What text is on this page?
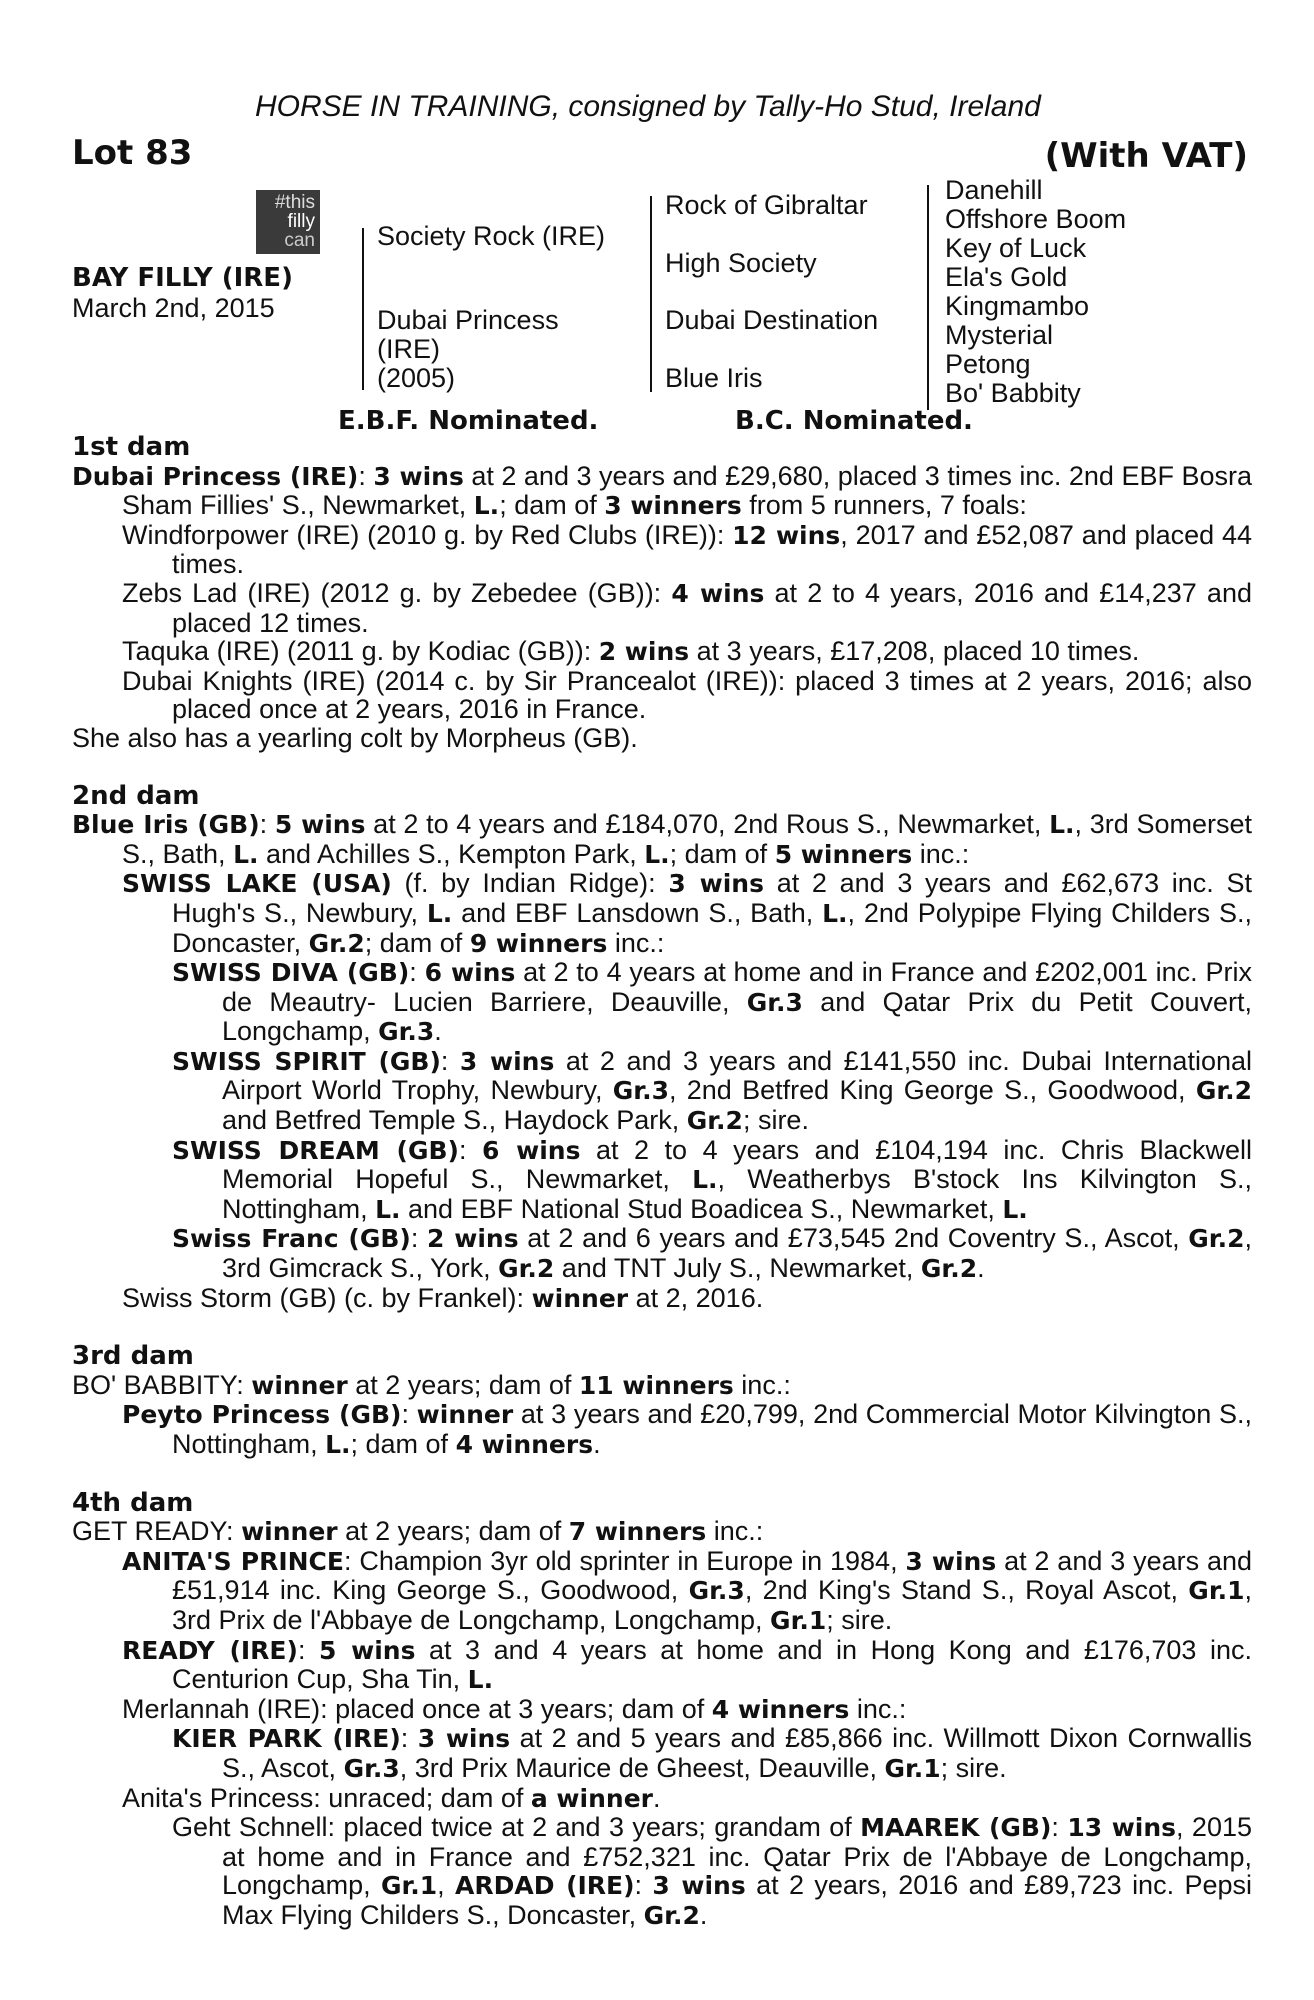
HORSE IN TRAINING, consigned by Tally-Ho Stud, Ireland
Lot 83	(With VAT)
#this
filly
can
BAY FILLY (IRE)
March 2nd, 2015
Society Rock (IRE)
Dubai Princess
(IRE)
(2005)
Rock of Gibraltar
High Society
Dubai Destination
Blue Iris
Danehill
Offshore Boom
Key of Luck
Ela's Gold
Kingmambo
Mysterial
Petong
Bo' Babbity
E.B.F. Nominated.	B.C. Nominated.
1st dam
Dubai Princess (IRE): 3 wins at 2 and 3 years and £29,680, placed 3 times inc. 2nd EBF Bosra Sham Fillies' S., Newmarket, L.; dam of 3 winners from 5 runners, 7 foals:
Windforpower (IRE) (2010 g. by Red Clubs (IRE)): 12 wins, 2017 and £52,087 and placed 44 times.
Zebs Lad (IRE) (2012 g. by Zebedee (GB)): 4 wins at 2 to 4 years, 2016 and £14,237 and placed 12 times.
Taquka (IRE) (2011 g. by Kodiac (GB)): 2 wins at 3 years, £17,208, placed 10 times.
Dubai Knights (IRE) (2014 c. by Sir Prancealot (IRE)): placed 3 times at 2 years, 2016; also placed once at 2 years, 2016 in France.
She also has a yearling colt by Morpheus (GB).
2nd dam
Blue Iris (GB): 5 wins at 2 to 4 years and £184,070, 2nd Rous S., Newmarket, L., 3rd Somerset S., Bath, L. and Achilles S., Kempton Park, L.; dam of 5 winners inc.:
SWISS LAKE (USA) (f. by Indian Ridge): 3 wins at 2 and 3 years and £62,673 inc. St Hugh's S., Newbury, L. and EBF Lansdown S., Bath, L., 2nd Polypipe Flying Childers S., Doncaster, Gr.2; dam of 9 winners inc.:
SWISS DIVA (GB): 6 wins at 2 to 4 years at home and in France and £202,001 inc. Prix de Meautry- Lucien Barriere, Deauville, Gr.3 and Qatar Prix du Petit Couvert, Longchamp, Gr.3.
SWISS SPIRIT (GB): 3 wins at 2 and 3 years and £141,550 inc. Dubai International Airport World Trophy, Newbury, Gr.3, 2nd Betfred King George S., Goodwood, Gr.2 and Betfred Temple S., Haydock Park, Gr.2; sire.
SWISS DREAM (GB): 6 wins at 2 to 4 years and £104,194 inc. Chris Blackwell Memorial Hopeful S., Newmarket, L., Weatherbys B'stock Ins Kilvington S., Nottingham, L. and EBF National Stud Boadicea S., Newmarket, L.
Swiss Franc (GB): 2 wins at 2 and 6 years and £73,545 2nd Coventry S., Ascot, Gr.2, 3rd Gimcrack S., York, Gr.2 and TNT July S., Newmarket, Gr.2.
Swiss Storm (GB) (c. by Frankel): winner at 2, 2016.
3rd dam
BO' BABBITY: winner at 2 years; dam of 11 winners inc.:
Peyto Princess (GB): winner at 3 years and £20,799, 2nd Commercial Motor Kilvington S., Nottingham, L.; dam of 4 winners.
4th dam
GET READY: winner at 2 years; dam of 7 winners inc.:
ANITA'S PRINCE: Champion 3yr old sprinter in Europe in 1984, 3 wins at 2 and 3 years and £51,914 inc. King George S., Goodwood, Gr.3, 2nd King's Stand S., Royal Ascot, Gr.1, 3rd Prix de l'Abbaye de Longchamp, Longchamp, Gr.1; sire.
READY (IRE): 5 wins at 3 and 4 years at home and in Hong Kong and £176,703 inc. Centurion Cup, Sha Tin, L.
Merlannah (IRE): placed once at 3 years; dam of 4 winners inc.:
KIER PARK (IRE): 3 wins at 2 and 5 years and £85,866 inc. Willmott Dixon Cornwallis S., Ascot, Gr.3, 3rd Prix Maurice de Gheest, Deauville, Gr.1; sire.
Anita's Princess: unraced; dam of a winner.
Geht Schnell: placed twice at 2 and 3 years; grandam of MAAREK (GB): 13 wins, 2015 at home and in France and £752,321 inc. Qatar Prix de l'Abbaye de Longchamp, Longchamp, Gr.1, ARDAD (IRE): 3 wins at 2 years, 2016 and £89,723 inc. Pepsi Max Flying Childers S., Doncaster, Gr.2.
